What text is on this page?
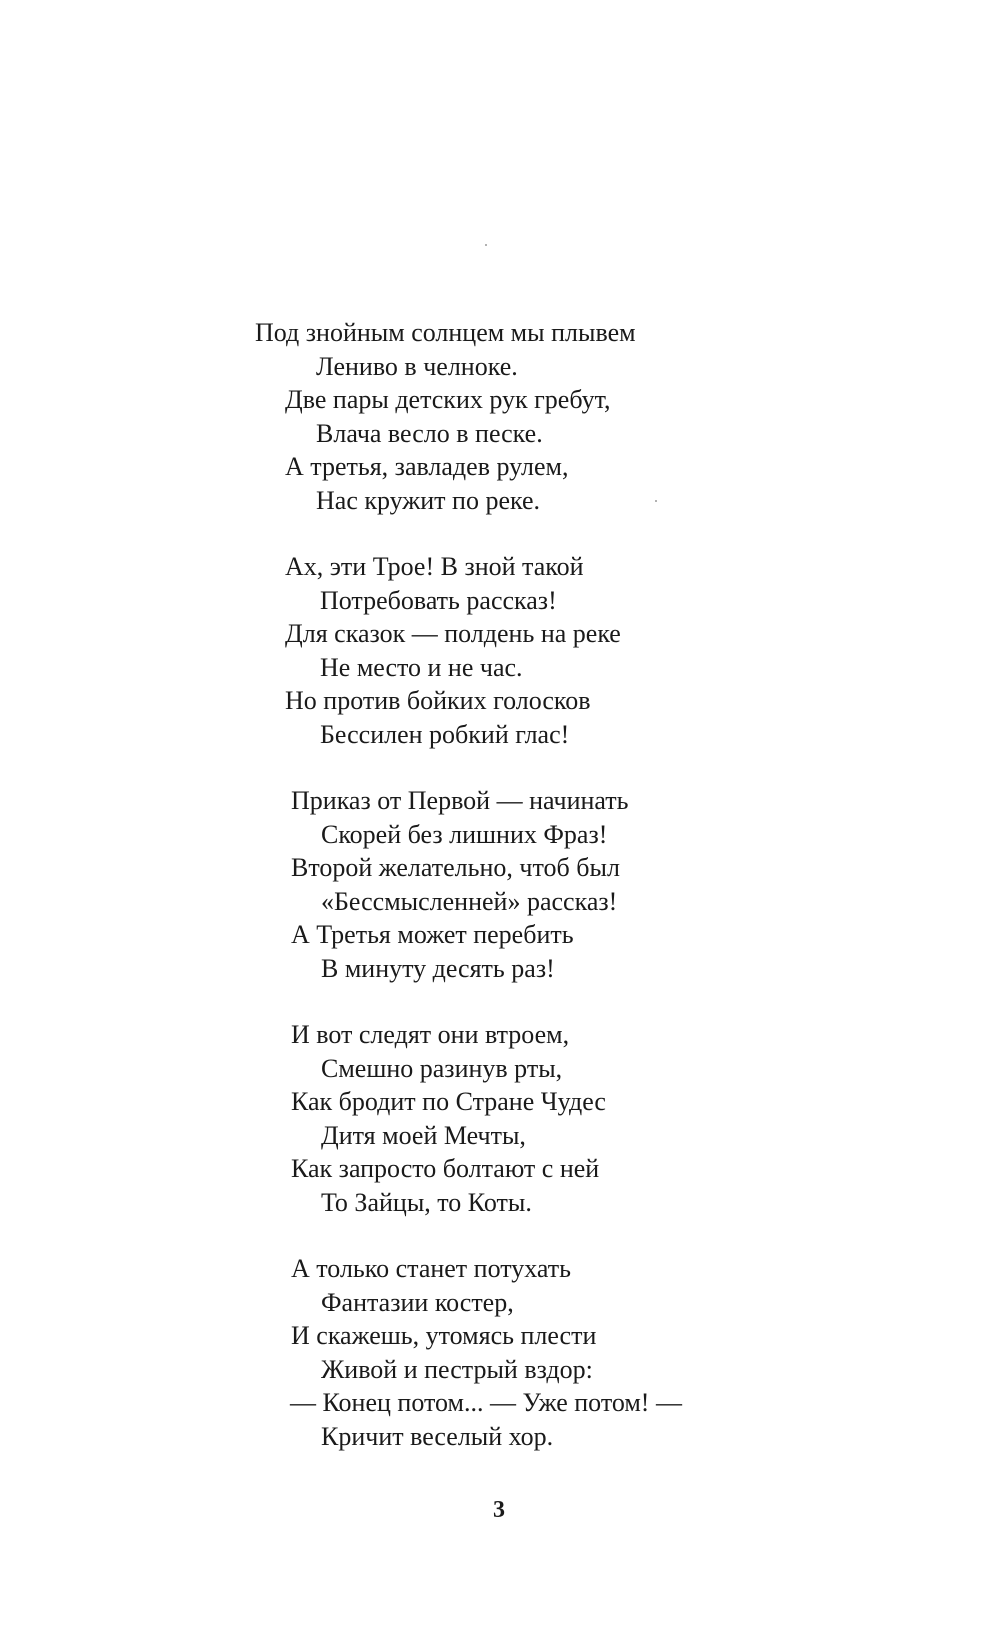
Под знойным солнцем мы плывем
Лениво в челноке.
Две пары детских рук гребут,
Влача весло в песке.
А третья, завладев рулем,
Нас кружит по реке.
Ах, эти Трое! В зной такой
Потребовать рассказ!
Для сказок — полдень на реке
Не место и не час.
Но против бойких голосков
Бессилен робкий глас!
Приказ от Первой — начинать
Скорей без лишних Фраз!
Второй желательно, чтоб был
«Бессмысленней» рассказ!
А Третья может перебить
В минуту десять раз!
И вот следят они втроем,
Смешно разинув рты,
Как бродит по Стране Чудес
Дитя моей Мечты,
Как запросто болтают с ней
То Зайцы, то Коты.
А только станет потухать
Фантазии костер,
И скажешь, утомясь плести
Живой и пестрый вздор:
— Конец потом... — Уже потом! —
Кричит веселый хор.
3
